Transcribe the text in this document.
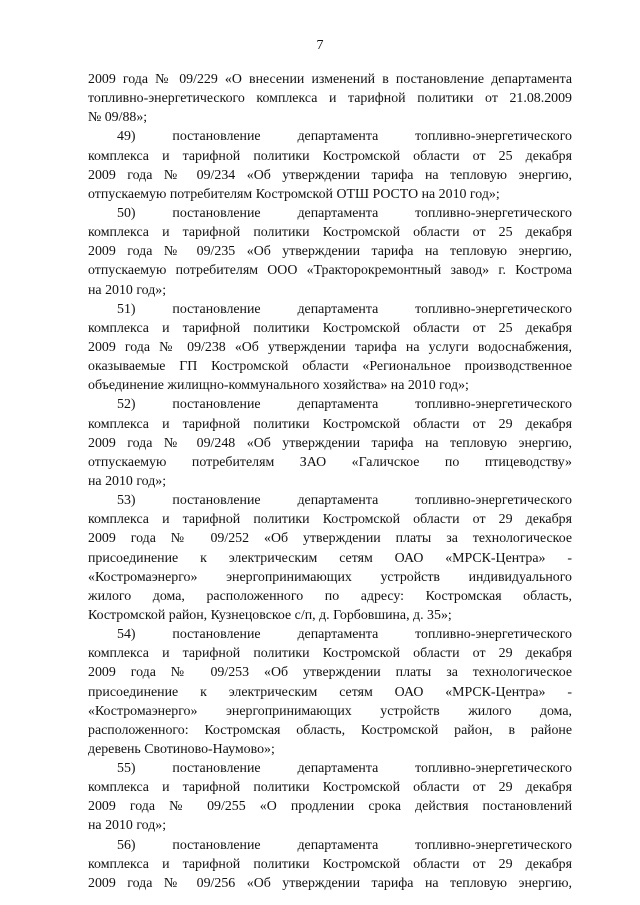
7
2009 года № 09/229 «О внесении изменений в постановление департамента
топливно-энергетического комплекса и тарифной политики от 21.08.2009
№ 09/88»;
49) постановление департамента топливно-энергетического
комплекса и тарифной политики Костромской области от 25 декабря
2009 года № 09/234 «Об утверждении тарифа на тепловую энергию,
отпускаемую потребителям Костромской ОТШ РОСТО на 2010 год»;
50) постановление департамента топливно-энергетического
комплекса и тарифной политики Костромской области от 25 декабря
2009 года № 09/235 «Об утверждении тарифа на тепловую энергию,
отпускаемую потребителям ООО «Тракторокремонтный завод» г. Кострома
на 2010 год»;
51) постановление департамента топливно-энергетического
комплекса и тарифной политики Костромской области от 25 декабря
2009 года № 09/238 «Об утверждении тарифа на услуги водоснабжения,
оказываемые ГП Костромской области «Региональное производственное
объединение жилищно-коммунального хозяйства» на 2010 год»;
52) постановление департамента топливно-энергетического
комплекса и тарифной политики Костромской области от 29 декабря
2009 года № 09/248 «Об утверждении тарифа на тепловую энергию,
отпускаемую потребителям ЗАО «Галичское по птицеводству»
на 2010 год»;
53) постановление департамента топливно-энергетического
комплекса и тарифной политики Костромской области от 29 декабря
2009 года № 09/252 «Об утверждении платы за технологическое
присоединение к электрическим сетям ОАО «МРСК-Центра» -
«Костромаэнерго» энергопринимающих устройств индивидуального
жилого дома, расположенного по адресу: Костромская область,
Костромской район, Кузнецовское с/п, д. Горбовшина, д. 35»;
54) постановление департамента топливно-энергетического
комплекса и тарифной политики Костромской области от 29 декабря
2009 года № 09/253 «Об утверждении платы за технологическое
присоединение к электрическим сетям ОАО «МРСК-Центра» -
«Костромаэнерго» энергопринимающих устройств жилого дома,
расположенного: Костромская область, Костромской район, в районе
деревень Свотиново-Наумово»;
55) постановление департамента топливно-энергетического
комплекса и тарифной политики Костромской области от 29 декабря
2009 года № 09/255 «О продлении срока действия постановлений
на 2010 год»;
56) постановление департамента топливно-энергетического
комплекса и тарифной политики Костромской области от 29 декабря
2009 года № 09/256 «Об утверждении тарифа на тепловую энергию,
